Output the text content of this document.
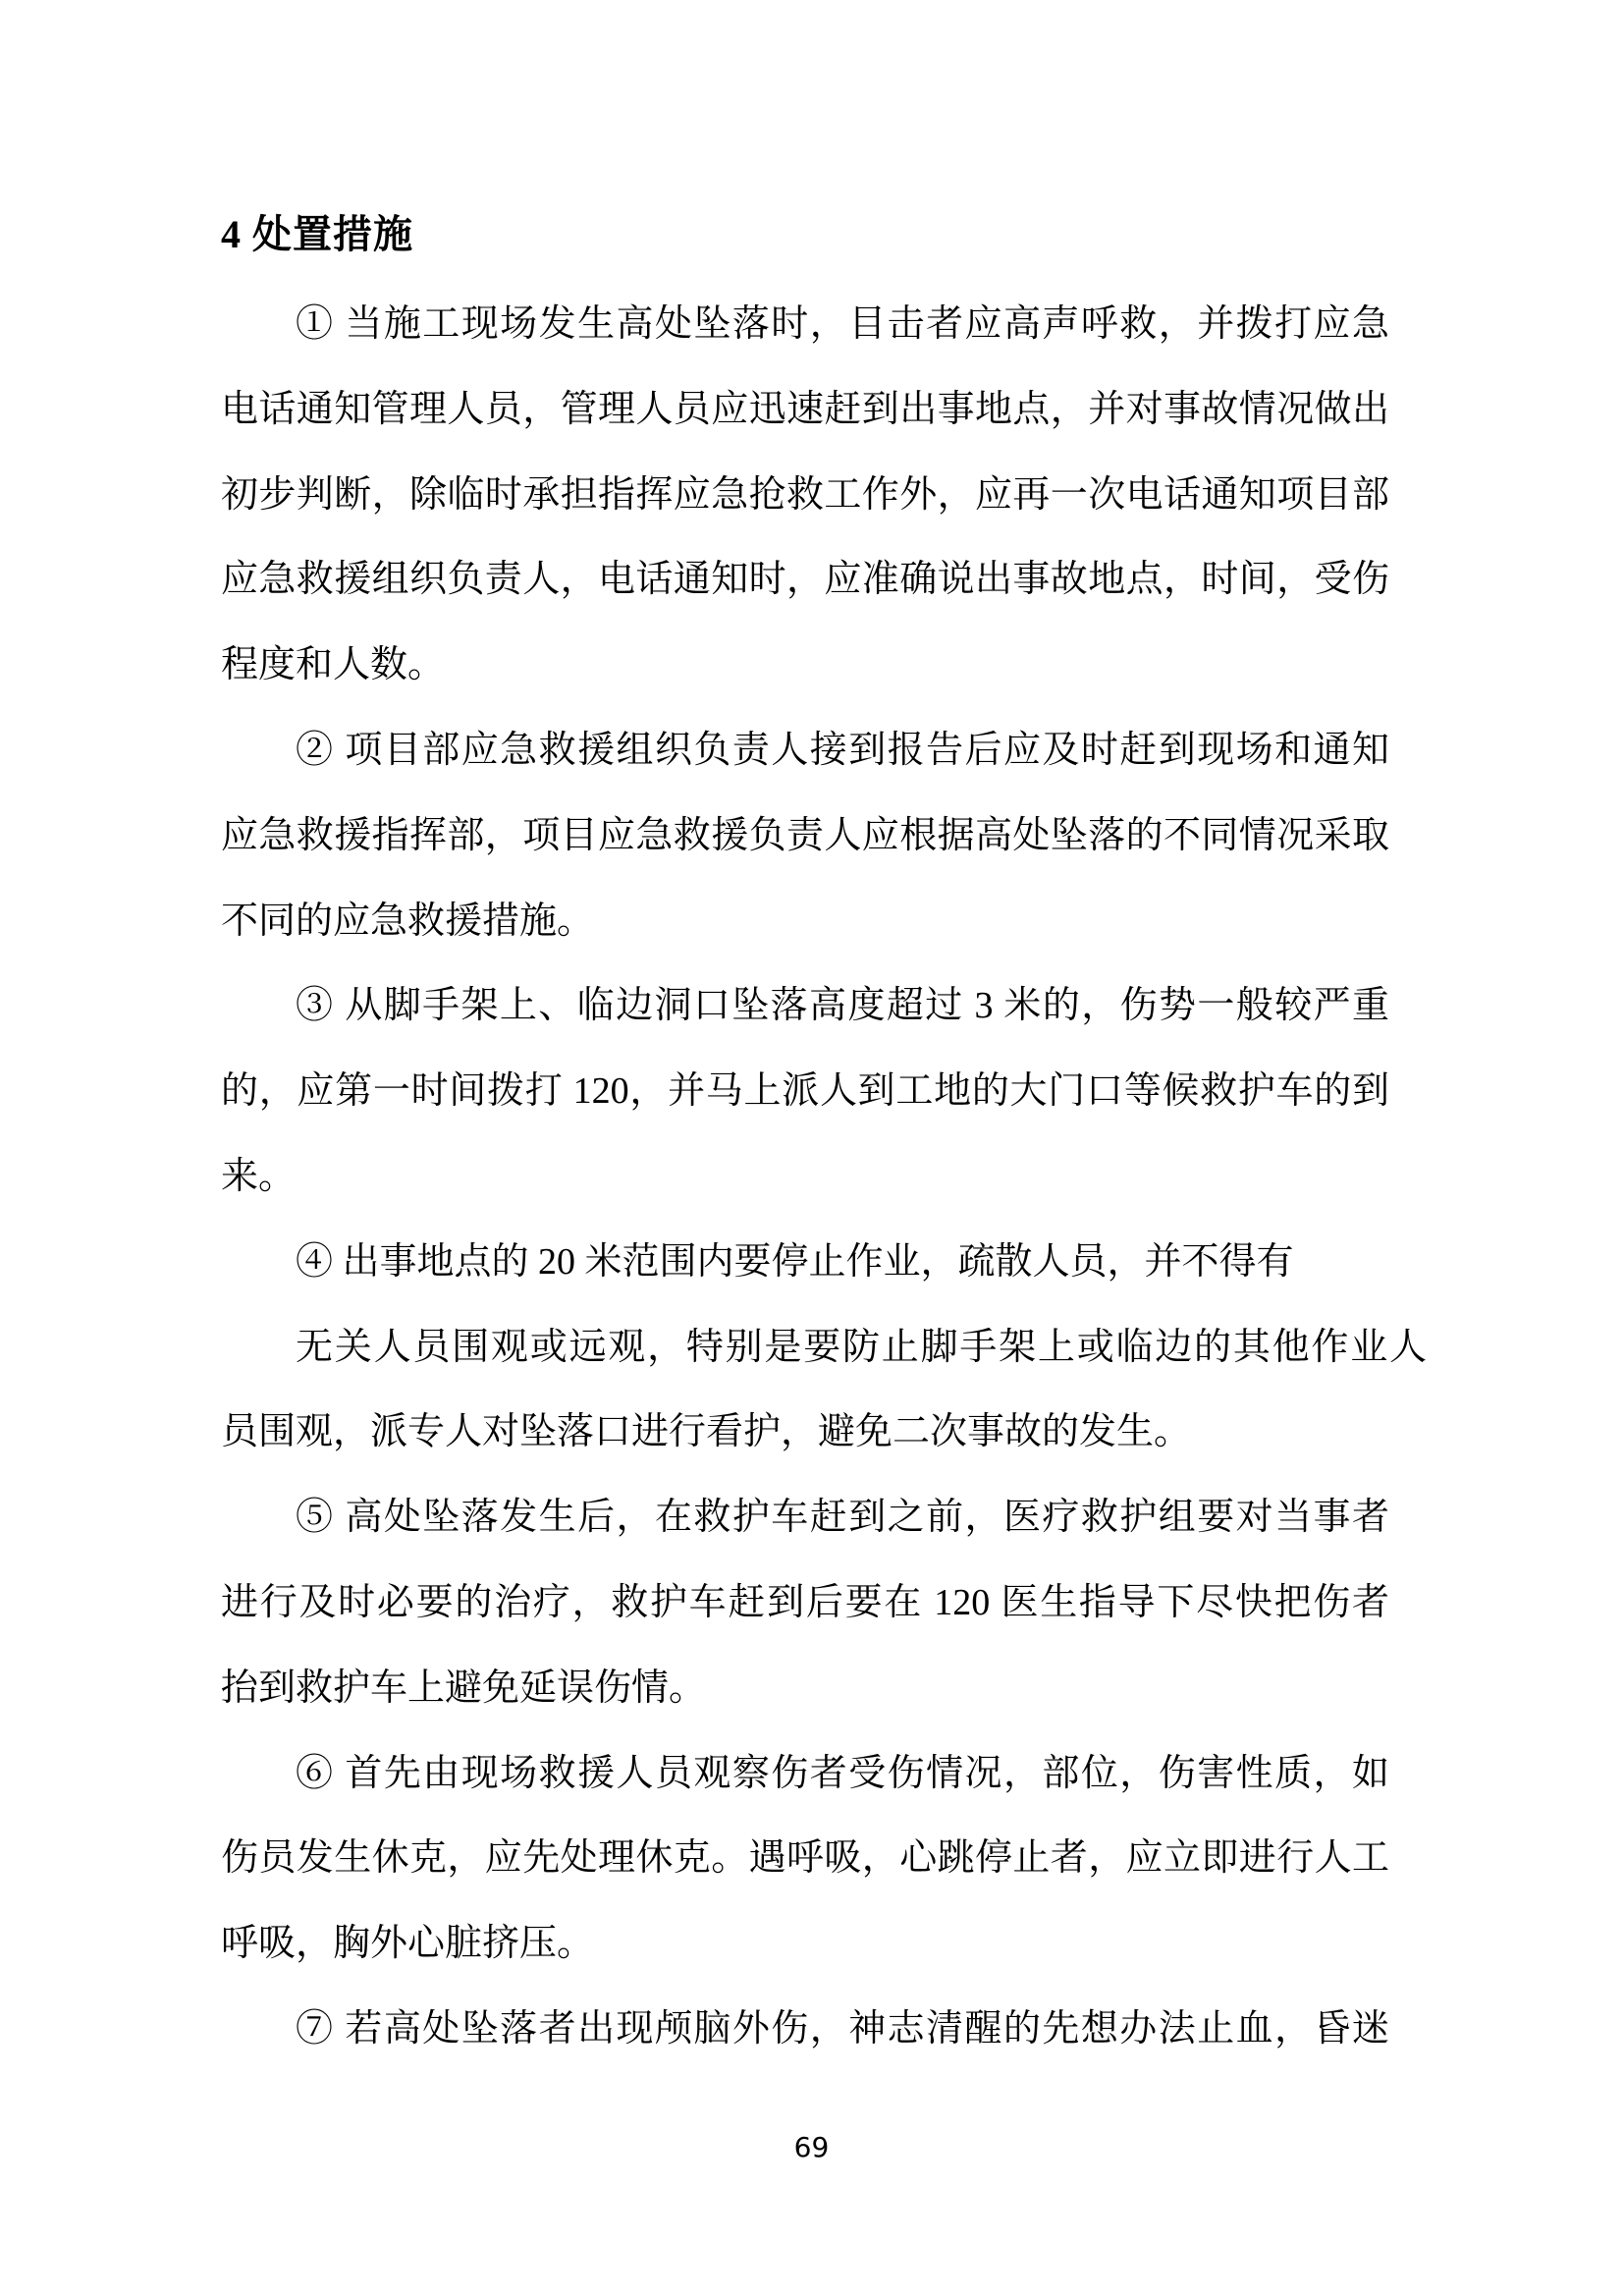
4 处置措施
① 当施工现场发生高处坠落时，目击者应高声呼救，并拨打应急
电话通知管理人员，管理人员应迅速赶到出事地点，并对事故情况做出
初步判断，除临时承担指挥应急抢救工作外，应再一次电话通知项目部
应急救援组织负责人，电话通知时，应准确说出事故地点，时间，受伤
程度和人数。
② 项目部应急救援组织负责人接到报告后应及时赶到现场和通知
应急救援指挥部，项目应急救援负责人应根据高处坠落的不同情况采取
不同的应急救援措施。
③ 从脚手架上、临边洞口坠落高度超过 3 米的，伤势一般较严重
的，应第一时间拨打 120，并马上派人到工地的大门口等候救护车的到
来。
④ 出事地点的 20 米范围内要停止作业，疏散人员，并不得有
无关人员围观或远观，特别是要防止脚手架上或临边的其他作业人
员围观，派专人对坠落口进行看护，避免二次事故的发生。
⑤ 高处坠落发生后，在救护车赶到之前，医疗救护组要对当事者
进行及时必要的治疗，救护车赶到后要在 120 医生指导下尽快把伤者
抬到救护车上避免延误伤情。
⑥ 首先由现场救援人员观察伤者受伤情况，部位，伤害性质，如
伤员发生休克，应先处理休克。遇呼吸，心跳停止者，应立即进行人工
呼吸，胸外心脏挤压。
⑦ 若高处坠落者出现颅脑外伤，神志清醒的先想办法止血，昏迷
69
